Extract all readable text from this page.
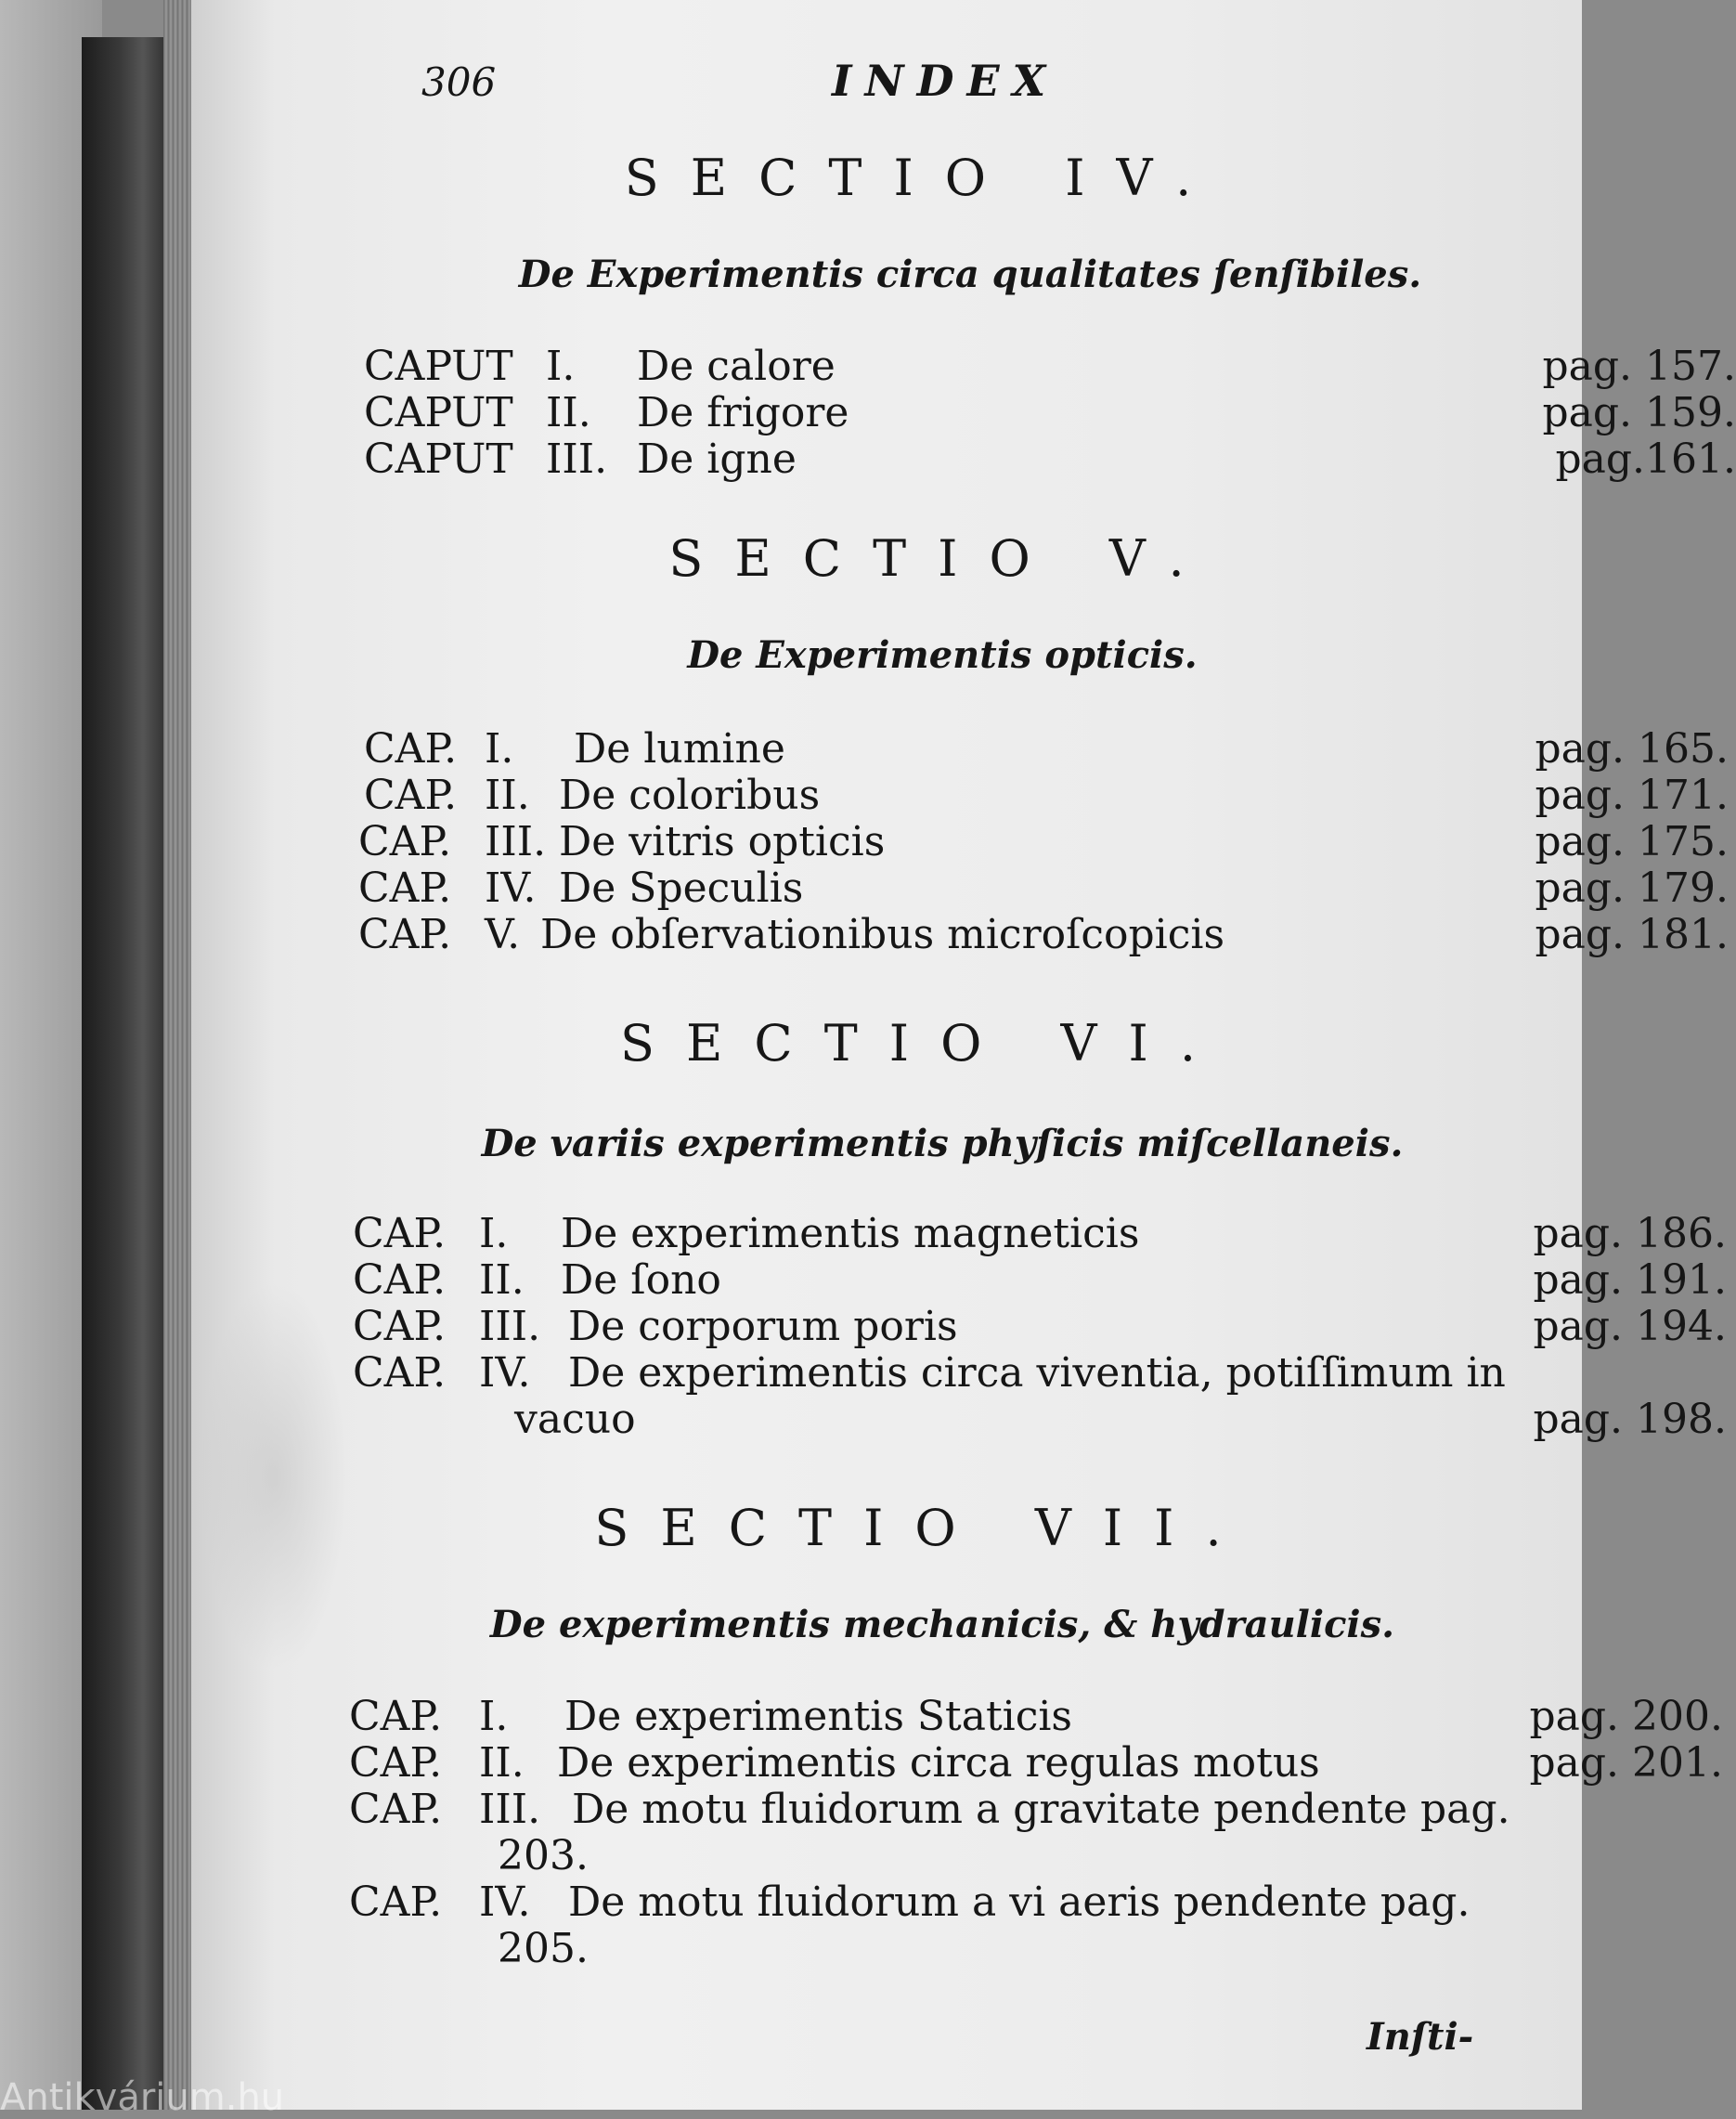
306	INDEX
SECTIO IV.
De Experimentis circa qualitates ſenſibiles.
CAPUT I. De calore	pag. 157.
CAPUT II. De frigore	pag. 159.
CAPUT III. De igne	pag.161.
SECTIO V.
De Experimentis opticis.
CAP. I. De lumine	pag. 165.
CAP. II. De coloribus	pag. 171.
CAP. III. De vitris opticis	pag. 175.
CAP. IV. De Speculis	pag. 179.
CAP. V. De obſervationibus microſcopicis	pag. 181.
SECTIO VI.
De variis experimentis phyſicis miſcellaneis.
CAP. I. De experimentis magneticis	pag. 186.
CAP. II. De ſono	pag. 191.
CAP. III. De corporum poris	pag. 194.
CAP. IV. De experimentis circa viventia, potiſſimum in
vacuo	pag. 198.
SECTIO VII.
De experimentis mechanicis, & hydraulicis.
CAP. I. De experimentis Staticis	pag. 200.
CAP. II. De experimentis circa regulas motus	pag. 201.
CAP. III. De motu fluidorum a gravitate pendente pag.
203.
CAP. IV. De motu fluidorum a vi aeris pendente pag.
205.
Inſti-
Antikvárium.hu
